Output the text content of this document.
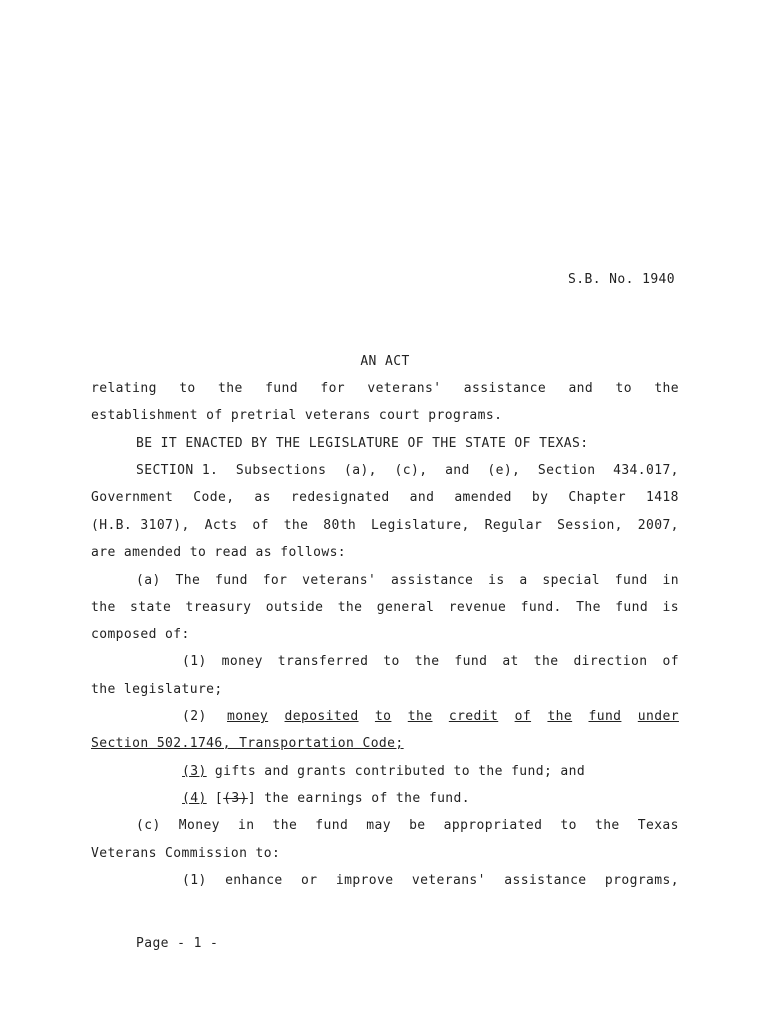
S.B. No. 1940
AN ACT
relating to the fund for veterans' assistance and to the
establishment of pretrial veterans court programs.
BE IT ENACTED BY THE LEGISLATURE OF THE STATE OF TEXAS:
SECTION 1. Subsections (a), (c), and (e), Section 434.017,
Government Code, as redesignated and amended by Chapter 1418
(H.B. 3107), Acts of the 80th Legislature, Regular Session, 2007,
are amended to read as follows:
(a) The fund for veterans' assistance is a special fund in
the state treasury outside the general revenue fund. The fund is
composed of:
(1) money transferred to the fund at the direction of
the legislature;
(2) money deposited to the credit of the fund under
Section 502.1746, Transportation Code;
(3) gifts and grants contributed to the fund; and
(4) [(3)] the earnings of the fund.
(c) Money in the fund may be appropriated to the Texas
Veterans Commission to:
(1) enhance or improve veterans' assistance programs,
Page - 1 -
